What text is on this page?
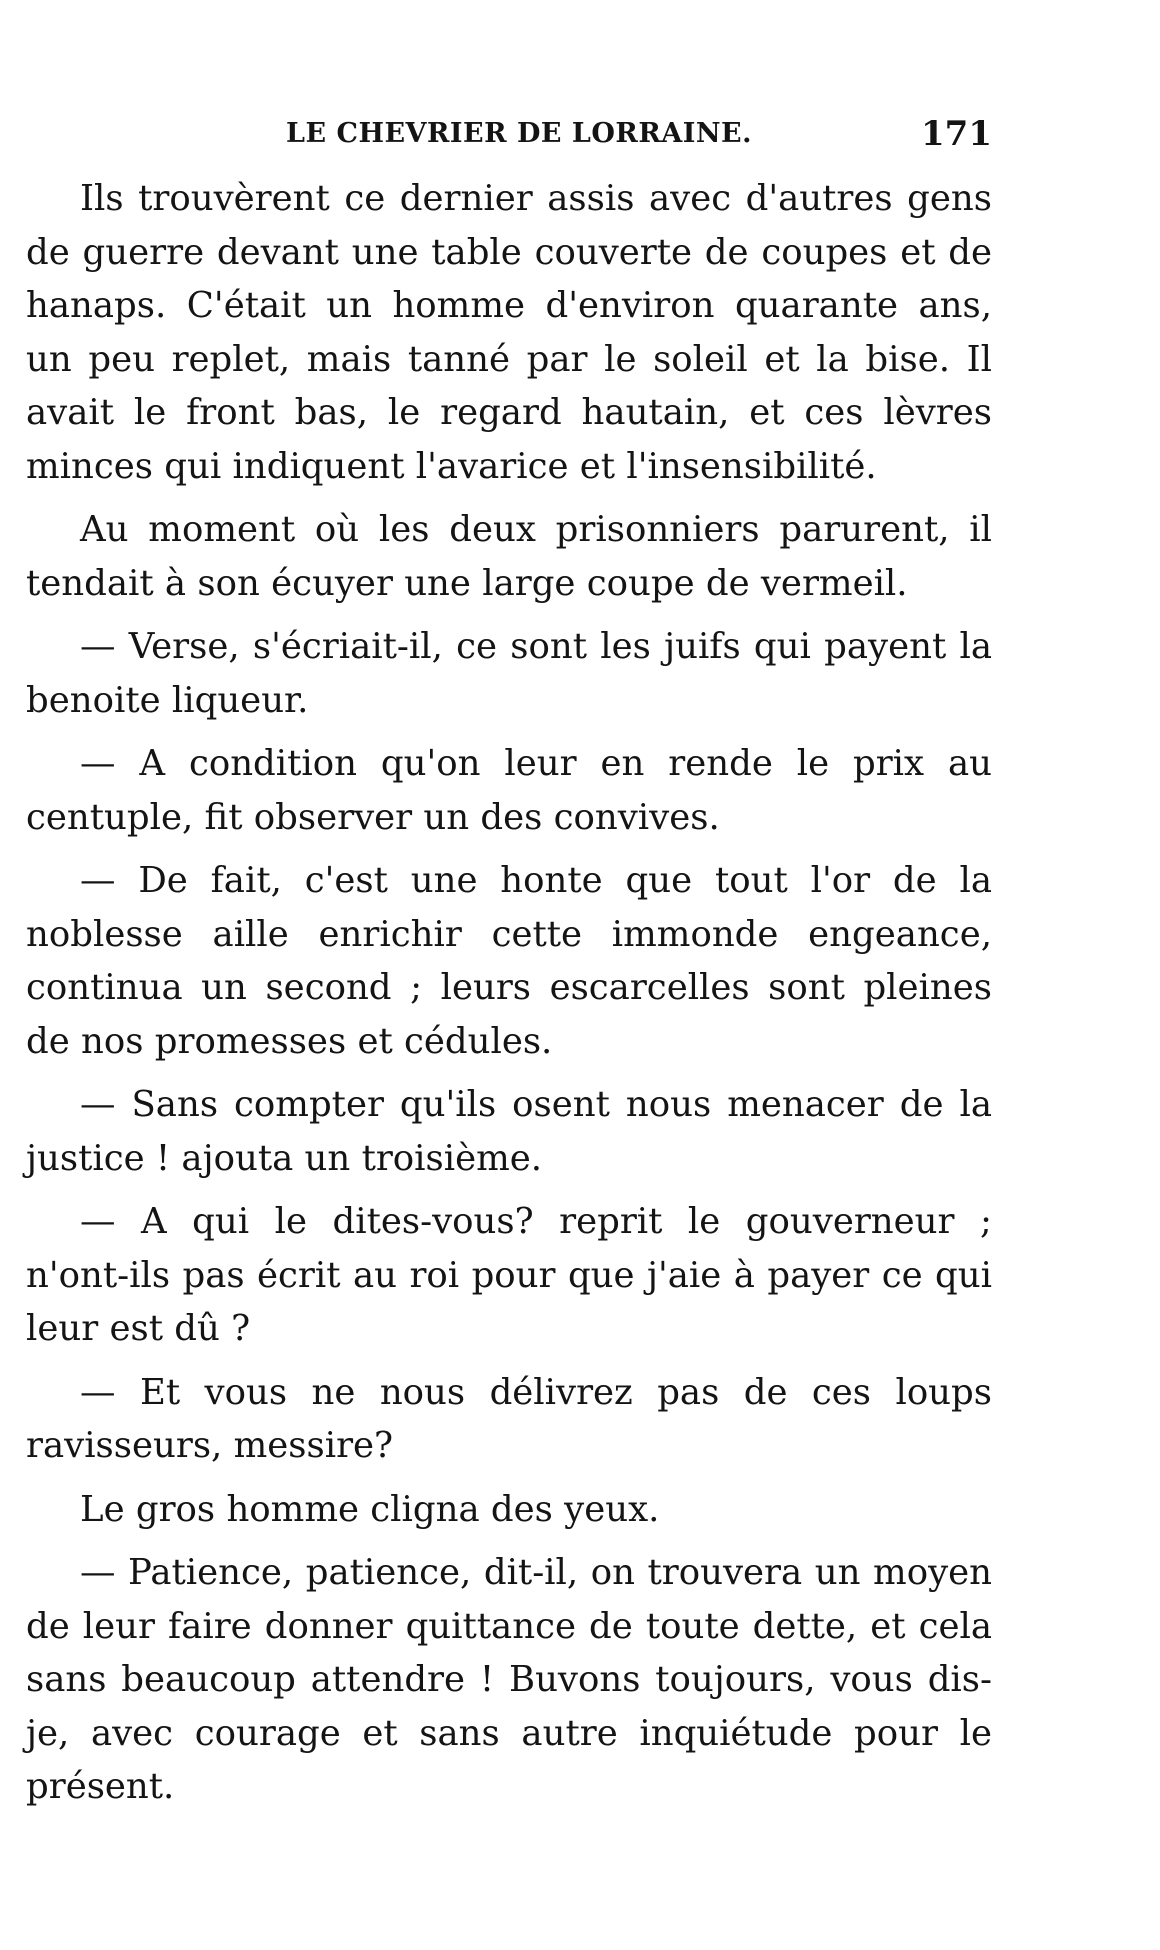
LE CHEVRIER DE LORRAINE.	171

Ils trouvèrent ce dernier assis avec d'autres gens de guerre devant une table couverte de coupes et de hanaps. C'était un homme d'environ quarante ans, un peu replet, mais tanné par le soleil et la bise. Il avait le front bas, le regard hautain, et ces lèvres minces qui indiquent l'avarice et l'insensibilité.

Au moment où les deux prisonniers parurent, il tendait à son écuyer une large coupe de vermeil.

— Verse, s'écriait-il, ce sont les juifs qui payent la benoite liqueur.

— A condition qu'on leur en rende le prix au centuple, fit observer un des convives.

— De fait, c'est une honte que tout l'or de la noblesse aille enrichir cette immonde engeance, continua un second ; leurs escarcelles sont pleines de nos promesses et cédules.

— Sans compter qu'ils osent nous menacer de la justice ! ajouta un troisième.

— A qui le dites-vous? reprit le gouverneur ; n'ont-ils pas écrit au roi pour que j'aie à payer ce qui leur est dû ?

— Et vous ne nous délivrez pas de ces loups ravisseurs, messire?

Le gros homme cligna des yeux.

— Patience, patience, dit-il, on trouvera un moyen de leur faire donner quittance de toute dette, et cela sans beaucoup attendre ! Buvons toujours, vous dis-je, avec courage et sans autre inquiétude pour le présent.
